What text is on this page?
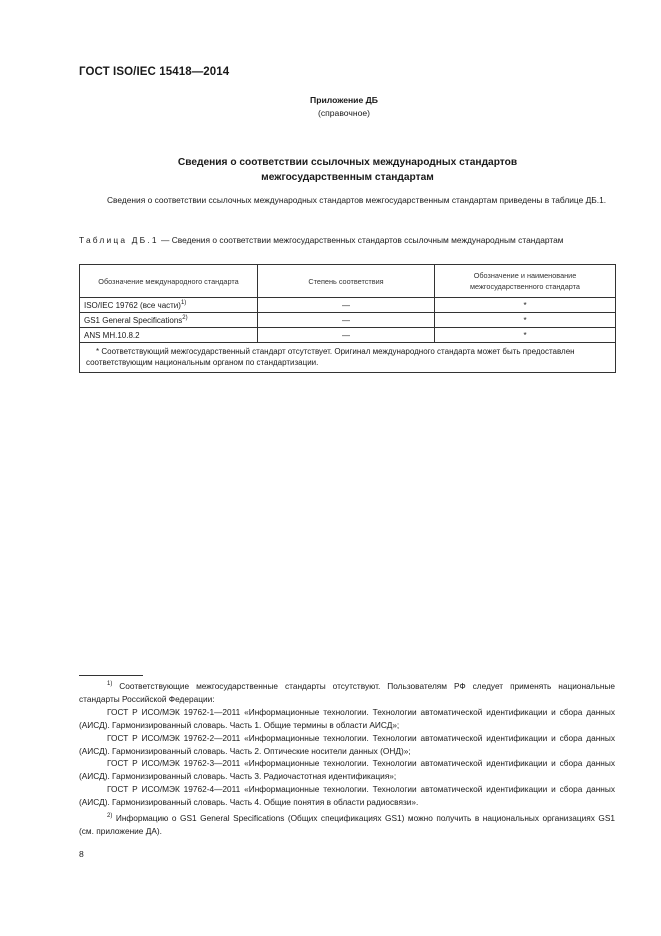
ГОСТ ISO/IEC 15418—2014
Приложение ДБ
(справочное)
Сведения о соответствии ссылочных международных стандартов
межгосударственным стандартам
Сведения о соответствии ссылочных международных стандартов межгосударственным стандартам приведены в таблице ДБ.1.
Таблица ДБ.1 — Сведения о соответствии межгосударственных стандартов ссылочным международным стандартам
Обозначение международного стандарта	Степень соответствия	Обозначение и наименование межгосударственного стандарта
ISO/IEC 19762 (все части)$^{1)}$	—	*
GS1 General Specifications$^{2)}$	—	*
ANS MH.10.8.2	—	*
* Соответствующий межгосударственный стандарт отсутствует. Оригинал международного стандарта может быть предоставлен соответствующим национальным органом по стандартизации.		

$^{1)}$ Соответствующие межгосударственные стандарты отсутствуют. Пользователям РФ следует применять национальные стандарты Российской Федерации:

ГОСТ Р ИСО/МЭК 19762-1—2011 «Информационные технологии. Технологии автоматической идентификации и сбора данных (АИСД). Гармонизированный словарь. Часть 1. Общие термины в области АИСД»;

ГОСТ Р ИСО/МЭК 19762-2—2011 «Информационные технологии. Технологии автоматической идентификации и сбора данных (АИСД). Гармонизированный словарь. Часть 2. Оптические носители данных (ОНД)»;

ГОСТ Р ИСО/МЭК 19762-3—2011 «Информационные технологии. Технологии автоматической идентификации и сбора данных (АИСД). Гармонизированный словарь. Часть 3. Радиочастотная идентификация»;

ГОСТ Р ИСО/МЭК 19762-4—2011 «Информационные технологии. Технологии автоматической идентификации и сбора данных (АИСД). Гармонизированный словарь. Часть 4. Общие понятия в области радиосвязи».

$^{2)}$ Информацию о GS1 General Specifications (Общих спецификациях GS1) можно получить в национальных организациях GS1 (см. приложение ДА).

8
